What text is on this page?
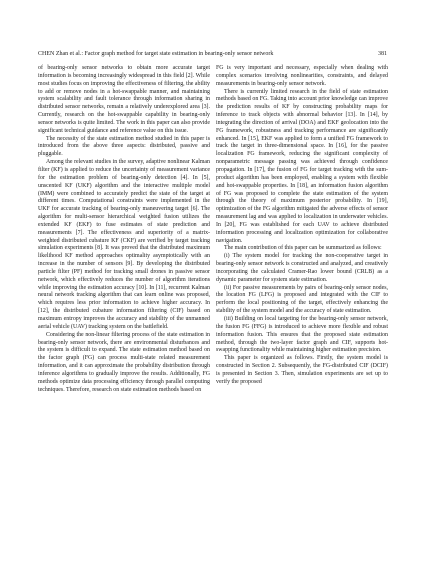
CHEN Zhan et al.: Factor graph method for target state estimation in bearing-only sensor network	381

of bearing-only sensor networks to obtain more accurate target information is becoming increasingly widespread in this field [2]. While most studies focus on improving the effectiveness of filtering, the ability to add or remove nodes in a hot-swappable manner, and maintaining system scalability and fault tolerance through information sharing in distributed sensor networks, remain a relatively underexplored area [3]. Currently, research on the hot-swappable capability in bearing-only sensor networks is quite limited. The work in this paper can also provide significant technical guidance and reference value on this issue.

The necessity of the state estimation method studied in this paper is introduced from the above three aspects: distributed, passive and pluggable.

Among the relevant studies in the survey, adaptive nonlinear Kalman filter (KF) is applied to reduce the uncertainty of measurement variance for the estimation problem of bearing-only detection [4]. In [5], unscented KF (UKF) algorithm and the interactive multiple model (IMM) were combined to accurately predict the state of the target at different times. Computational constraints were implemented in the UKF for accurate tracking of bearing-only maneuvering target [6]. The algorithm for multi-sensor hierarchical weighted fusion utilizes the extended KF (EKF) to fuse estimates of state prediction and measurements [7]. The effectiveness and superiority of a matrix-weighted distributed cubature KF (CKF) are verified by target tracking simulation experiments [8]. It was proved that the distributed maximum likelihood KF method approaches optimality asymptotically with an increase in the number of sensors [9]. By developing the distributed particle filter (PF) method for tracking small drones in passive sensor network, which effectively reduces the number of algorithm iterations while improving the estimation accuracy [10]. In [11], recurrent Kalman neural network tracking algorithm that can learn online was proposed, which requires less prior information to achieve higher accuracy. In [12], the distributed cubature information filtering (CIF) based on maximum entropy improves the accuracy and stability of the unmanned aerial vehicle (UAV) tracking system on the battlefield.

Considering the non-linear filtering process of the state estimation in bearing-only sensor network, there are environmental disturbances and the system is difficult to expand. The state estimation method based on the factor graph (FG) can process multi-state related measurement information, and it can approximate the probability distribution through inference algorithms to gradually improve the results. Additionally, FG methods optimize data processing efficiency through parallel computing techniques. Therefore, research on state estimation methods based on

FG is very important and necessary, especially when dealing with complex scenarios involving nonlinearities, constraints, and delayed measurements in bearing-only sensor network.

There is currently limited research in the field of state estimation methods based on FG. Taking into account prior knowledge can improve the prediction results of KF by constructing probability maps for inference to track objects with abnormal behavior [13]. In [14], by integrating the direction of arrival (DOA) and EKF geolocation into the FG framework, robustness and tracking performance are significantly enhanced. In [15], EKF was applied to form a unified FG framework to track the target in three-dimensional space. In [16], for the passive localization FG framework, reducing the significant complexity of nonparametric message passing was achieved through confidence propagation. In [17], the fusion of FG for target tracking with the sum-product algorithm has been employed, enabling a system with flexible and hot-swappable properties. In [18], an information fusion algorithm of FG was proposed to complete the state estimation of the system through the theory of maximum posterior probability. In [19], optimization of the FG algorithm mitigated the adverse effects of sensor measurement lag and was applied to localization in underwater vehicles. In [20], FG was established for each UAV to achieve distributed information processing and localization optimization for collaborative navigation.

The main contribution of this paper can be summarized as follows:

(i) The system model for tracking the non-cooperative target in bearing-only sensor network is constructed and analyzed, and creatively incorporating the calculated Cramer-Rao lower bound (CRLB) as a dynamic parameter for system state estimation.

(ii) For passive measurements by pairs of bearing-only sensor nodes, the location FG (LFG) is proposed and integrated with the CIF to perform the local positioning of the target, effectively enhancing the stability of the system model and the accuracy of state estimation.

(iii) Building on local targeting for the bearing-only sensor network, the fusion FG (FFG) is introduced to achieve more flexible and robust information fusion. This ensures that the proposed state estimation method, through the two-layer factor graph and CIF, supports hot-swapping functionality while maintaining higher estimation precision.

This paper is organized as follows. Firstly, the system model is constructed in Section 2. Subsequently, the FG-distributed CIF (DCIF) is presented in Section 3. Then, simulation experiments are set up to verify the proposed
